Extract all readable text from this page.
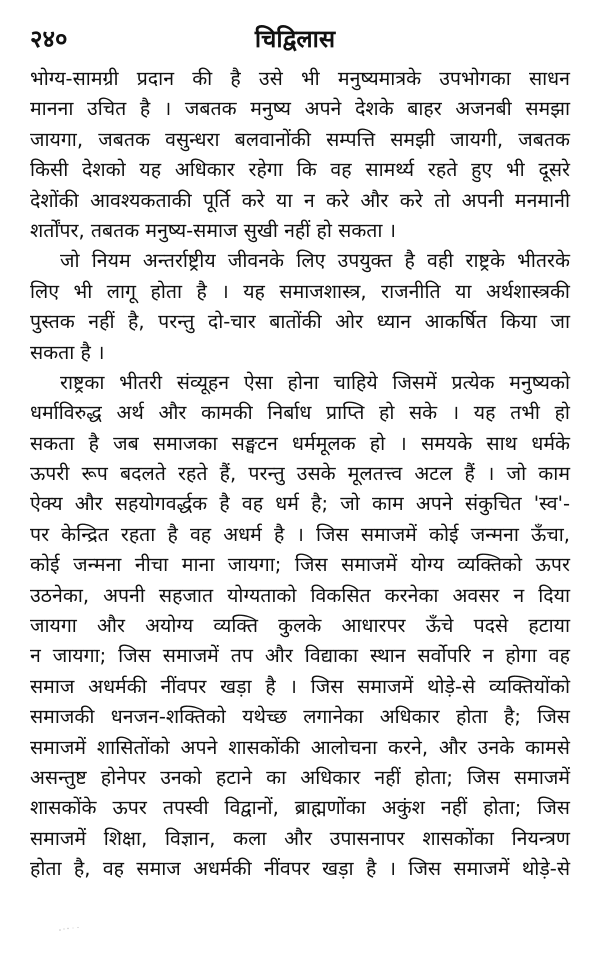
२४०	चिद्विलास
भोग्य-सामग्री प्रदान की है उसे भी मनुष्यमात्रके उपभोगका साधन
मानना उचित है । जबतक मनुष्य अपने देशके बाहर अजनबी समझा
जायगा, जबतक वसुन्धरा बलवानोंकी सम्पत्ति समझी जायगी, जबतक
किसी देशको यह अधिकार रहेगा कि वह सामर्थ्य रहते हुए भी दूसरे
देशोंकी आवश्यकताकी पूर्ति करे या न करे और करे तो अपनी मनमानी
शर्तोंपर, तबतक मनुष्य-समाज सुखी नहीं हो सकता ।
जो नियम अन्तर्राष्ट्रीय जीवनके लिए उपयुक्त है वही राष्ट्रके भीतरके
लिए भी लागू होता है । यह समाजशास्त्र, राजनीति या अर्थशास्त्रकी
पुस्तक नहीं है, परन्तु दो-चार बातोंकी ओर ध्यान आकर्षित किया जा
सकता है ।
राष्ट्रका भीतरी संव्यूहन ऐसा होना चाहिये जिसमें प्रत्येक मनुष्यको
धर्माविरुद्ध अर्थ और कामकी निर्बाध प्राप्ति हो सके । यह तभी हो
सकता है जब समाजका सङ्घटन धर्ममूलक हो । समयके साथ धर्मके
ऊपरी रूप बदलते रहते हैं, परन्तु उसके मूलतत्त्व अटल हैं । जो काम
ऐक्य और सहयोगवर्द्धक है वह धर्म है; जो काम अपने संकुचित 'स्व'-
पर केन्द्रित रहता है वह अधर्म है । जिस समाजमें कोई जन्मना ऊँचा,
कोई जन्मना नीचा माना जायगा; जिस समाजमें योग्य व्यक्तिको ऊपर
उठनेका, अपनी सहजात योग्यताको विकसित करनेका अवसर न दिया
जायगा और अयोग्य व्यक्ति कुलके आधारपर ऊँचे पदसे हटाया
न जायगा; जिस समाजमें तप और विद्याका स्थान सर्वोपरि न होगा वह
समाज अधर्मकी नींवपर खड़ा है । जिस समाजमें थोड़े-से व्यक्तियोंको
समाजकी धनजन-शक्तिको यथेच्छ लगानेका अधिकार होता है; जिस
समाजमें शासितोंको अपने शासकोंकी आलोचना करने, और उनके कामसे
असन्तुष्ट होनेपर उनको हटाने का अधिकार नहीं होता; जिस समाजमें
शासकोंके ऊपर तपस्वी विद्वानों, ब्राह्मणोंका अकुंश नहीं होता; जिस
समाजमें शिक्षा, विज्ञान, कला और उपासनापर शासकोंका नियन्त्रण
होता है, वह समाज अधर्मकी नींवपर खड़ा है । जिस समाजमें थोड़े-से
